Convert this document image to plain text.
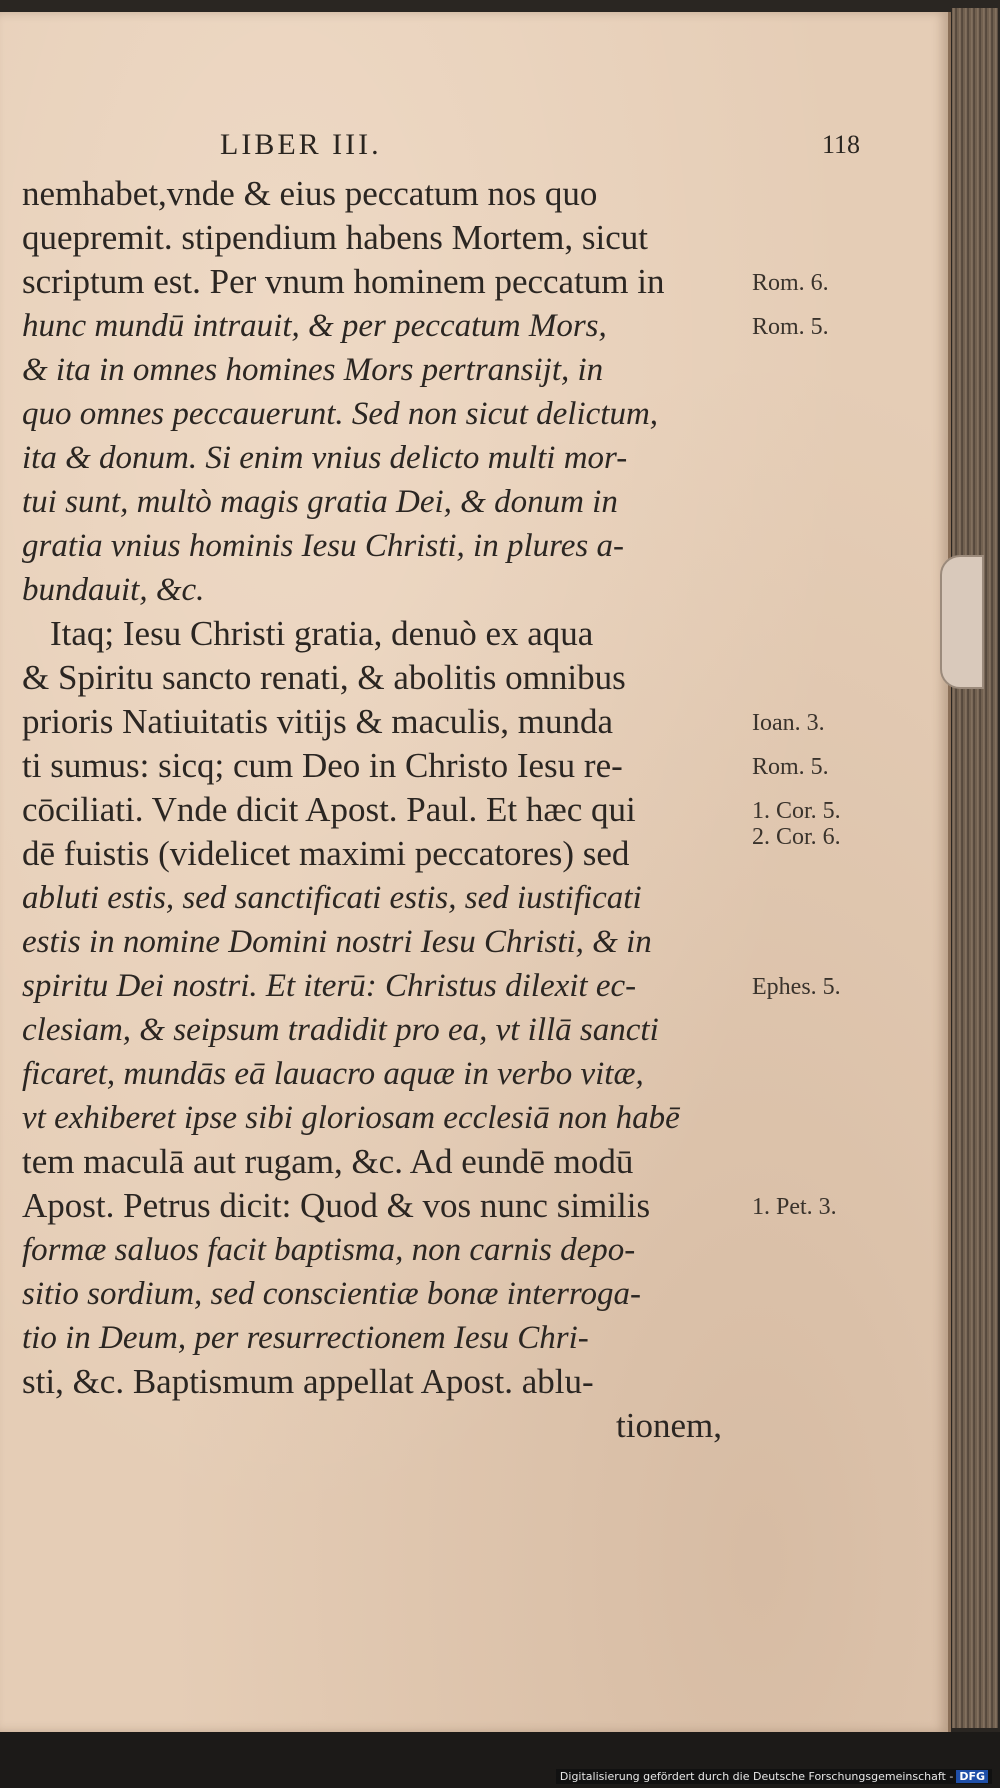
LIBER III.	118
nemhabet,vnde & eius peccatum nos quo
quepremit. stipendium habens Mortem, sicut
scriptum est. Per vnum hominem peccatum in
hunc mundū intrauit, & per peccatum Mors,
& ita in omnes homines Mors pertransijt, in
quo omnes peccauerunt. Sed non sicut delictum,
ita & donum. Si enim vnius delicto multi mor-
tui sunt, multò magis gratia Dei, & donum in
gratia vnius hominis Iesu Christi, in plures a-
bundauit, &c.
Itaq; Iesu Christi gratia, denuò ex aqua
& Spiritu sancto renati, & abolitis omnibus
prioris Natiuitatis vitijs & maculis, munda
ti sumus: sicq; cum Deo in Christo Iesu re-
cōciliati. Vnde dicit Apost. Paul. Et hæc qui
dē fuistis (videlicet maximi peccatores) sed
abluti estis, sed sanctificati estis, sed iustificati
estis in nomine Domini nostri Iesu Christi, & in
spiritu Dei nostri. Et iterū: Christus dilexit ec-
clesiam, & seipsum tradidit pro ea, vt illā sancti
ficaret, mundās eā lauacro aquæ in verbo vitæ,
vt exhiberet ipse sibi gloriosam ecclesiā non habē
tem maculā aut rugam, &c. Ad eundē modū
Apost. Petrus dicit: Quod & vos nunc similis
formæ saluos facit baptisma, non carnis depo-
sitio sordium, sed conscientiæ bonæ interroga-
tio in Deum, per resurrectionem Iesu Chri-
sti, &c. Baptismum appellat Apost. ablu-
tionem,
Rom. 6.
Rom. 5.
Ioan. 3.
Rom. 5.
1. Cor. 5.
2. Cor. 6.
Ephes. 5.
1. Pet. 3.
Digitalisierung gefördert durch die Deutsche Forschungsgemeinschaft - DFG
